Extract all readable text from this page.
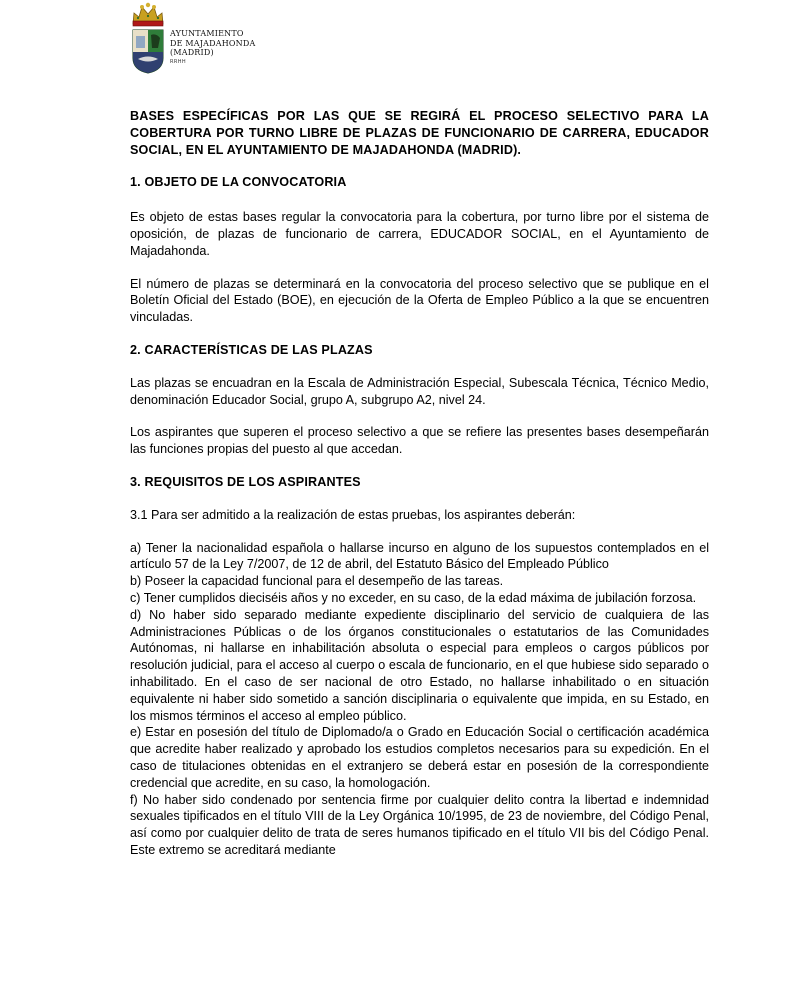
AYUNTAMIENTO
DE MAJADAHONDA
(MADRID)
RRHH

BASES ESPECÍFICAS POR LAS QUE SE REGIRÁ EL PROCESO SELECTIVO PARA LA COBERTURA POR TURNO LIBRE DE PLAZAS DE FUNCIONARIO DE CARRERA, EDUCADOR SOCIAL, EN EL AYUNTAMIENTO DE MAJADAHONDA (MADRID).

1. OBJETO DE LA CONVOCATORIA

Es objeto de estas bases regular la convocatoria para la cobertura, por turno libre por el sistema de oposición, de plazas de funcionario de carrera, EDUCADOR SOCIAL, en el Ayuntamiento de Majadahonda.

El número de plazas se determinará en la convocatoria del proceso selectivo que se publique en el Boletín Oficial del Estado (BOE), en ejecución de la Oferta de Empleo Público a la que se encuentren vinculadas.

2. CARACTERÍSTICAS DE LAS PLAZAS

Las plazas se encuadran en la Escala de Administración Especial, Subescala Técnica, Técnico Medio, denominación Educador Social, grupo A, subgrupo A2, nivel 24.

Los aspirantes que superen el proceso selectivo a que se refiere las presentes bases desempeñarán las funciones propias del puesto al que accedan.

3. REQUISITOS DE LOS ASPIRANTES

3.1 Para ser admitido a la realización de estas pruebas, los aspirantes deberán:

a) Tener la nacionalidad española o hallarse incurso en alguno de los supuestos contemplados en el artículo 57 de la Ley 7/2007, de 12 de abril, del Estatuto Básico del Empleado Público

b) Poseer la capacidad funcional para el desempeño de las tareas.

c) Tener cumplidos dieciséis años y no exceder, en su caso, de la edad máxima de jubilación forzosa.

d) No haber sido separado mediante expediente disciplinario del servicio de cualquiera de las Administraciones Públicas o de los órganos constitucionales o estatutarios de las Comunidades Autónomas, ni hallarse en inhabilitación absoluta o especial para empleos o cargos públicos por resolución judicial, para el acceso al cuerpo o escala de funcionario, en el que hubiese sido separado o inhabilitado. En el caso de ser nacional de otro Estado, no hallarse inhabilitado o en situación equivalente ni haber sido sometido a sanción disciplinaria o equivalente que impida, en su Estado, en los mismos términos el acceso al empleo público.

e) Estar en posesión del título de Diplomado/a o Grado en Educación Social o certificación académica que acredite haber realizado y aprobado los estudios completos necesarios para su expedición. En el caso de titulaciones obtenidas en el extranjero se deberá estar en posesión de la correspondiente credencial que acredite, en su caso, la homologación.

f) No haber sido condenado por sentencia firme por cualquier delito contra la libertad e indemnidad sexuales tipificados en el título VIII de la Ley Orgánica 10/1995, de 23 de noviembre, del Código Penal, así como por cualquier delito de trata de seres humanos tipificado en el título VII bis del Código Penal. Este extremo se acreditará mediante
